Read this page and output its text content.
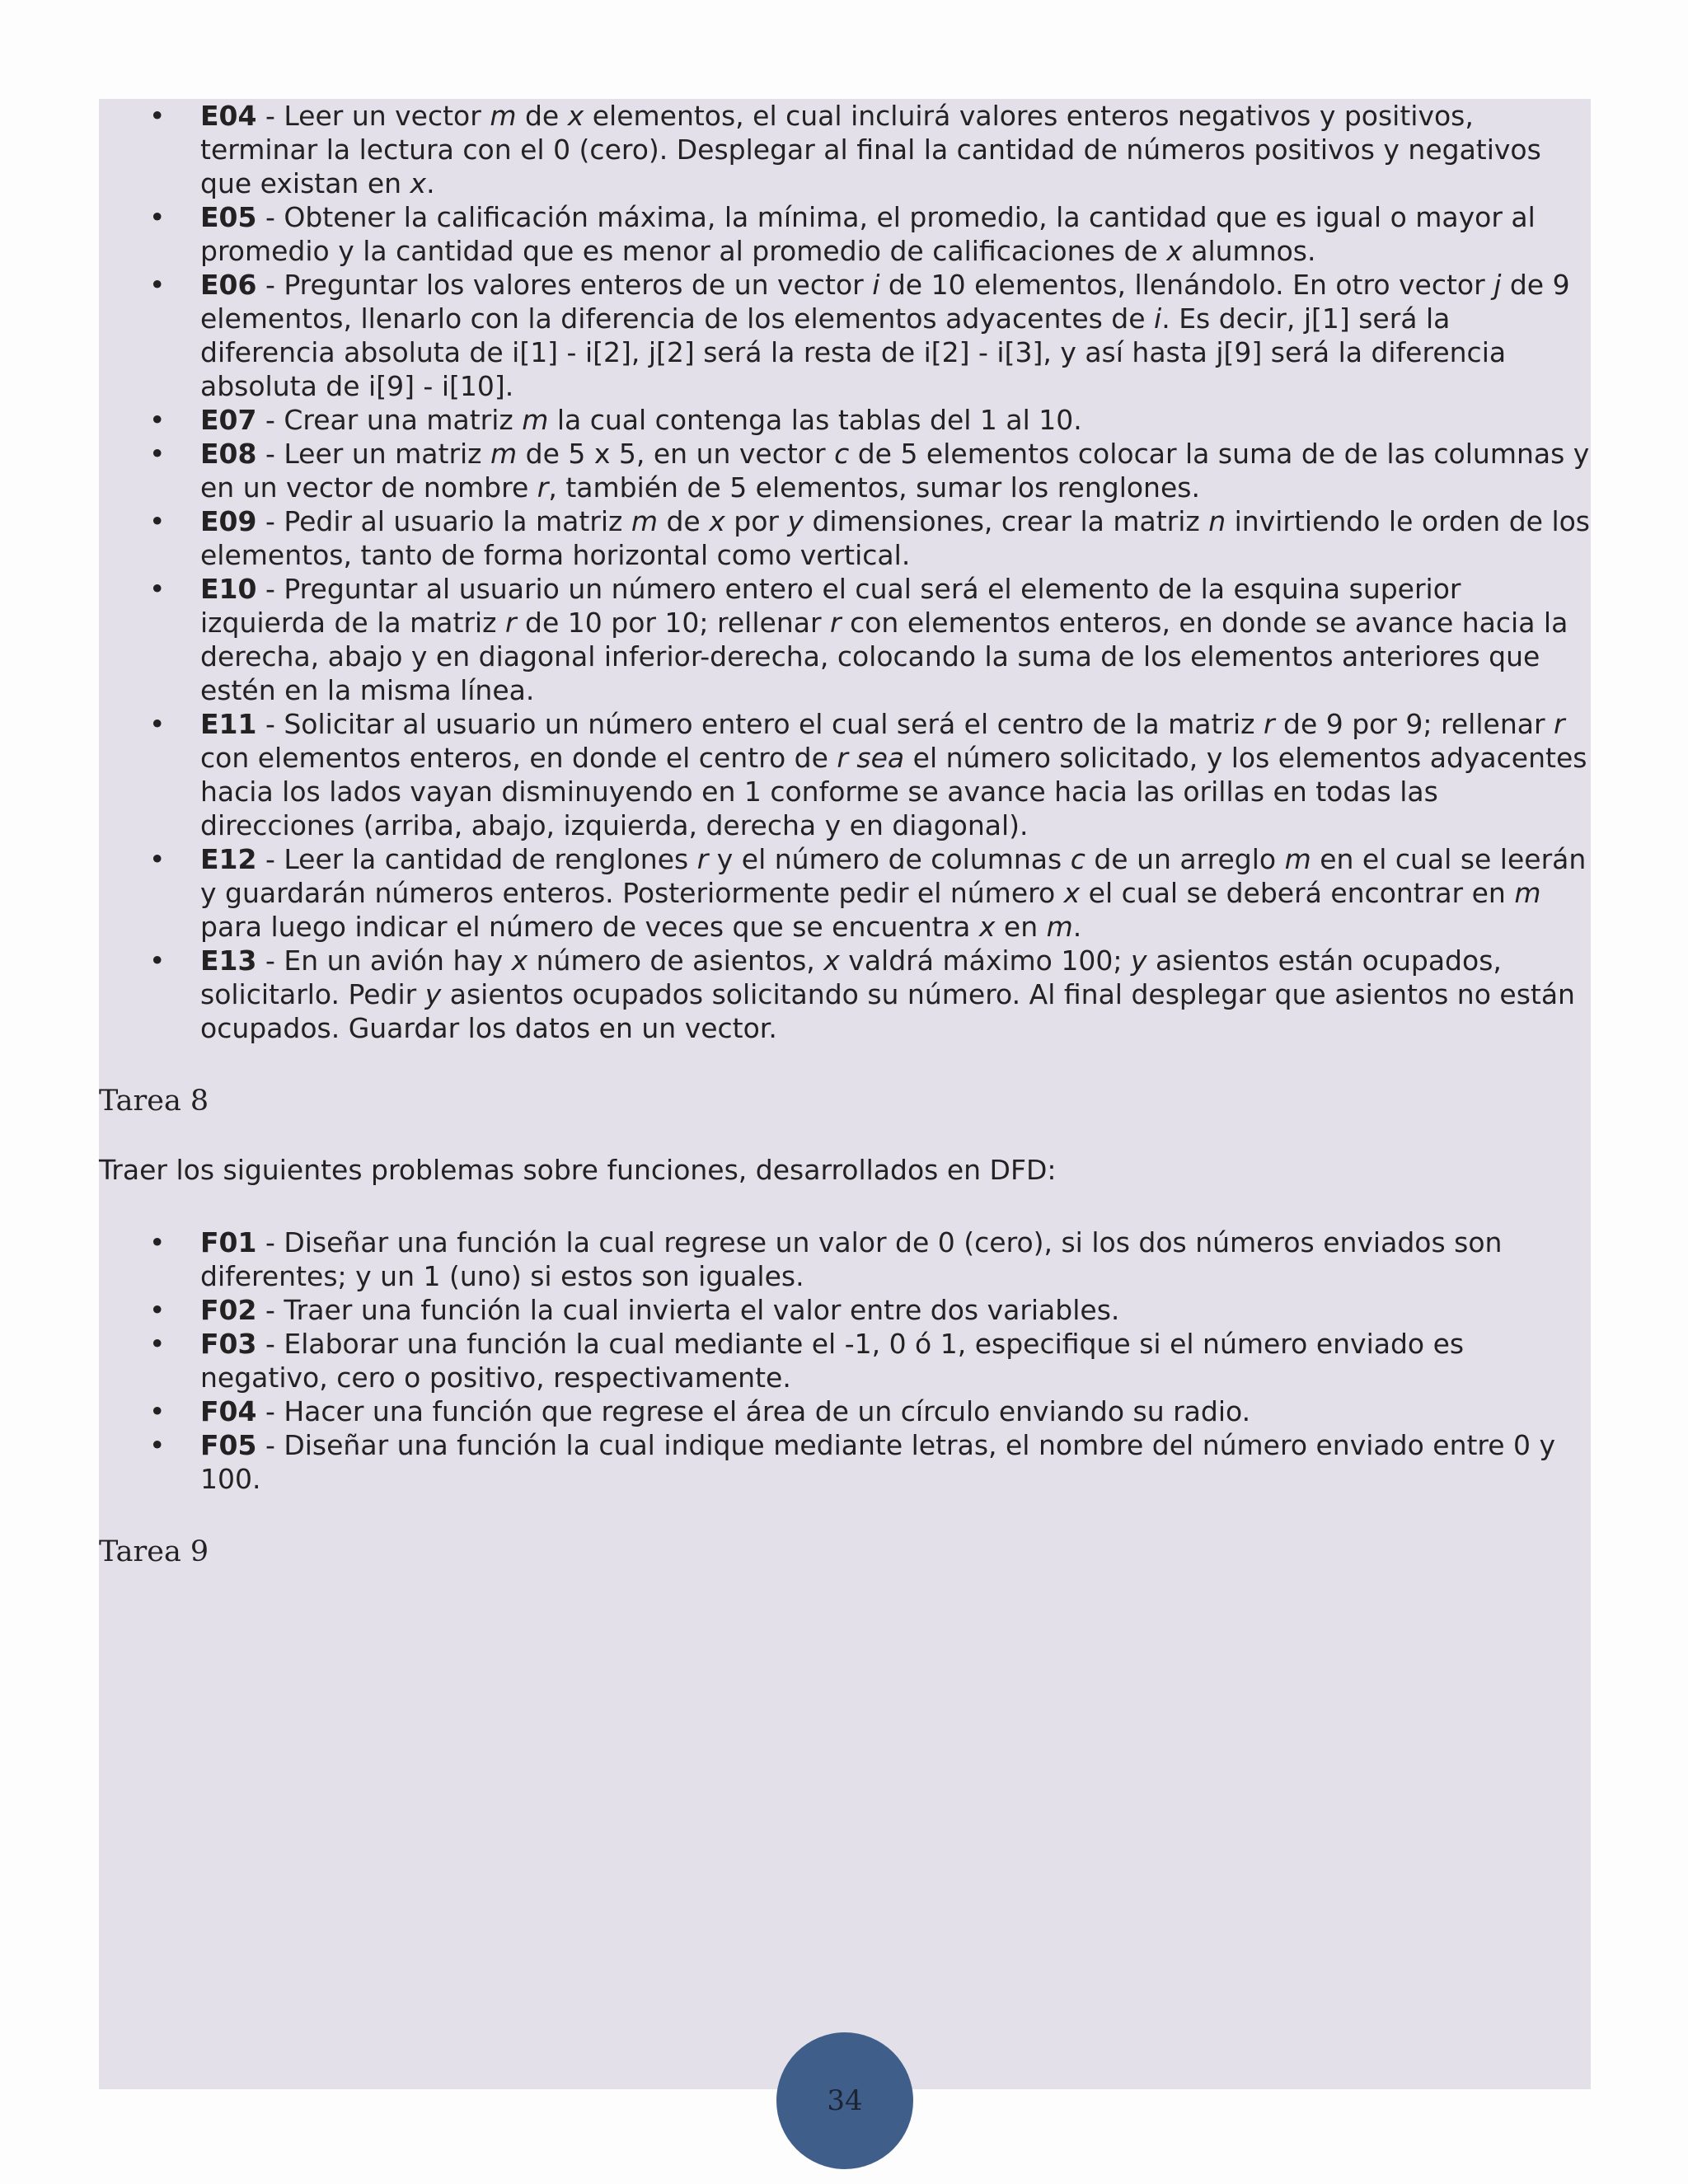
• E04 - Leer un vector m de x elementos, el cual incluirá valores enteros negativos y positivos, terminar la lectura con el 0 (cero). Desplegar al final la cantidad de números positivos y negativos que existan en x.
• E05 - Obtener la calificación máxima, la mínima, el promedio, la cantidad que es igual o mayor al promedio y la cantidad que es menor al promedio de calificaciones de x alumnos.
• E06 - Preguntar los valores enteros de un vector i de 10 elementos, llenándolo. En otro vector j de 9 elementos, llenarlo con la diferencia de los elementos adyacentes de i. Es decir, j[1] será la diferencia absoluta de i[1] - i[2], j[2] será la resta de i[2] - i[3], y así hasta j[9] será la diferencia absoluta de i[9] - i[10].
• E07 - Crear una matriz m la cual contenga las tablas del 1 al 10.
• E08 - Leer un matriz m de 5 x 5, en un vector c de 5 elementos colocar la suma de de las columnas y en un vector de nombre r, también de 5 elementos, sumar los renglones.
• E09 - Pedir al usuario la matriz m de x por y dimensiones, crear la matriz n invirtiendo le orden de los elementos, tanto de forma horizontal como vertical.
• E10 - Preguntar al usuario un número entero el cual será el elemento de la esquina superior izquierda de la matriz r de 10 por 10; rellenar r con elementos enteros, en donde se avance hacia la derecha, abajo y en diagonal inferior-derecha, colocando la suma de los elementos anteriores que estén en la misma línea.
• E11 - Solicitar al usuario un número entero el cual será el centro de la matriz r de 9 por 9; rellenar r con elementos enteros, en donde el centro de r sea el número solicitado, y los elementos adyacentes hacia los lados vayan disminuyendo en 1 conforme se avance hacia las orillas en todas las direcciones (arriba, abajo, izquierda, derecha y en diagonal).
• E12 - Leer la cantidad de renglones r y el número de columnas c de un arreglo m en el cual se leerán y guardarán números enteros. Posteriormente pedir el número x el cual se deberá encontrar en m para luego indicar el número de veces que se encuentra x en m.
• E13 - En un avión hay x número de asientos, x valdrá máximo 100; y asientos están ocupados, solicitarlo. Pedir y asientos ocupados solicitando su número. Al final desplegar que asientos no están ocupados. Guardar los datos en un vector.

Tarea 8

Traer los siguientes problemas sobre funciones, desarrollados en DFD:

• F01 - Diseñar una función la cual regrese un valor de 0 (cero), si los dos números enviados son diferentes; y un 1 (uno) si estos son iguales.
• F02 - Traer una función la cual invierta el valor entre dos variables.
• F03 - Elaborar una función la cual mediante el -1, 0 ó 1, especifique si el número enviado es negativo, cero o positivo, respectivamente.
• F04 - Hacer una función que regrese el área de un círculo enviando su radio.
• F05 - Diseñar una función la cual indique mediante letras, el nombre del número enviado entre 0 y 100.

Tarea 9

34
